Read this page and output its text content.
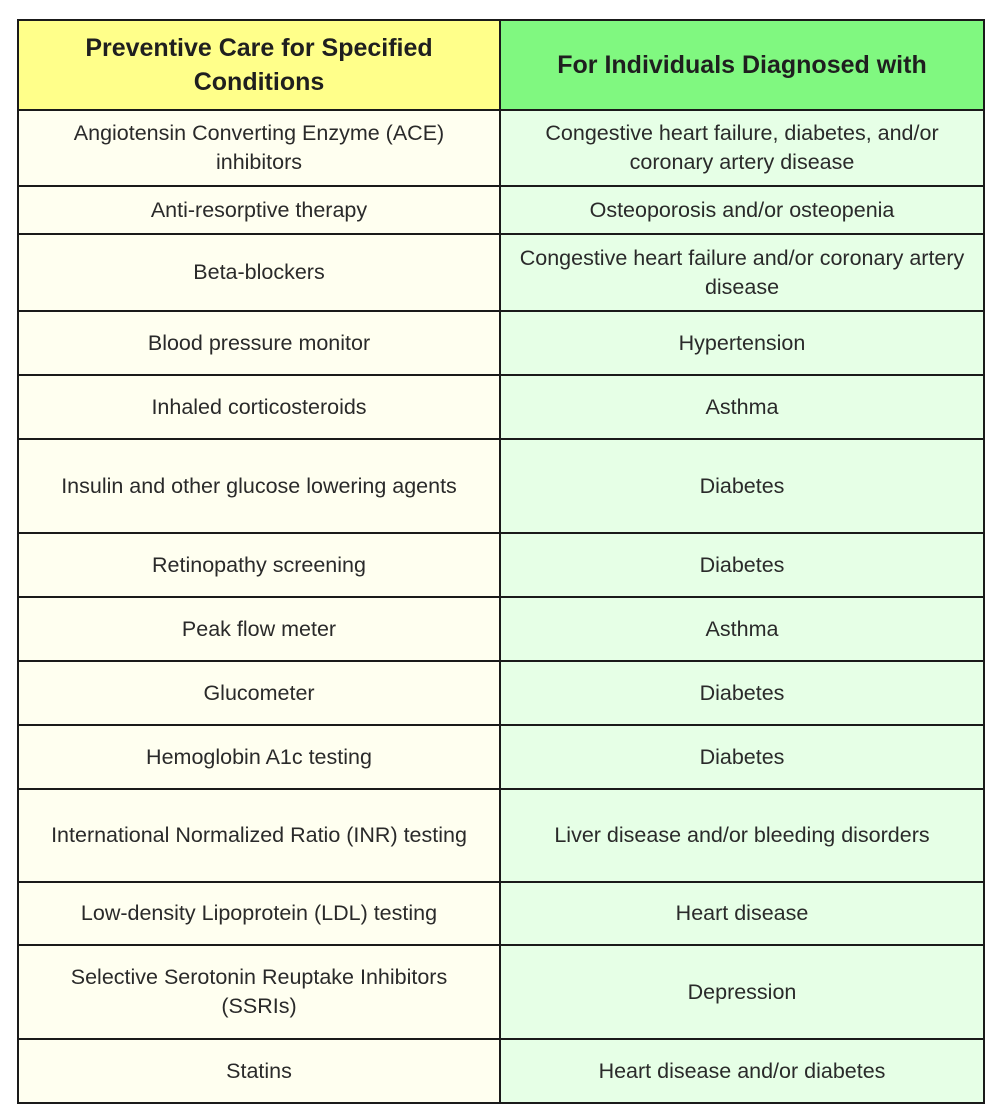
Preventive Care for Specified Conditions	For Individuals Diagnosed with
Angiotensin Converting Enzyme (ACE) inhibitors	Congestive heart failure, diabetes, and/or coronary artery disease
Anti-resorptive therapy	Osteoporosis and/or osteopenia
Beta-blockers	Congestive heart failure and/or coronary artery disease
Blood pressure monitor	Hypertension
Inhaled corticosteroids	Asthma
Insulin and other glucose lowering agents	Diabetes
Retinopathy screening	Diabetes
Peak flow meter	Asthma
Glucometer	Diabetes
Hemoglobin A1c testing	Diabetes
International Normalized Ratio (INR) testing	Liver disease and/or bleeding disorders
Low-density Lipoprotein (LDL) testing	Heart disease
Selective Serotonin Reuptake Inhibitors (SSRIs)	Depression
Statins	Heart disease and/or diabetes
